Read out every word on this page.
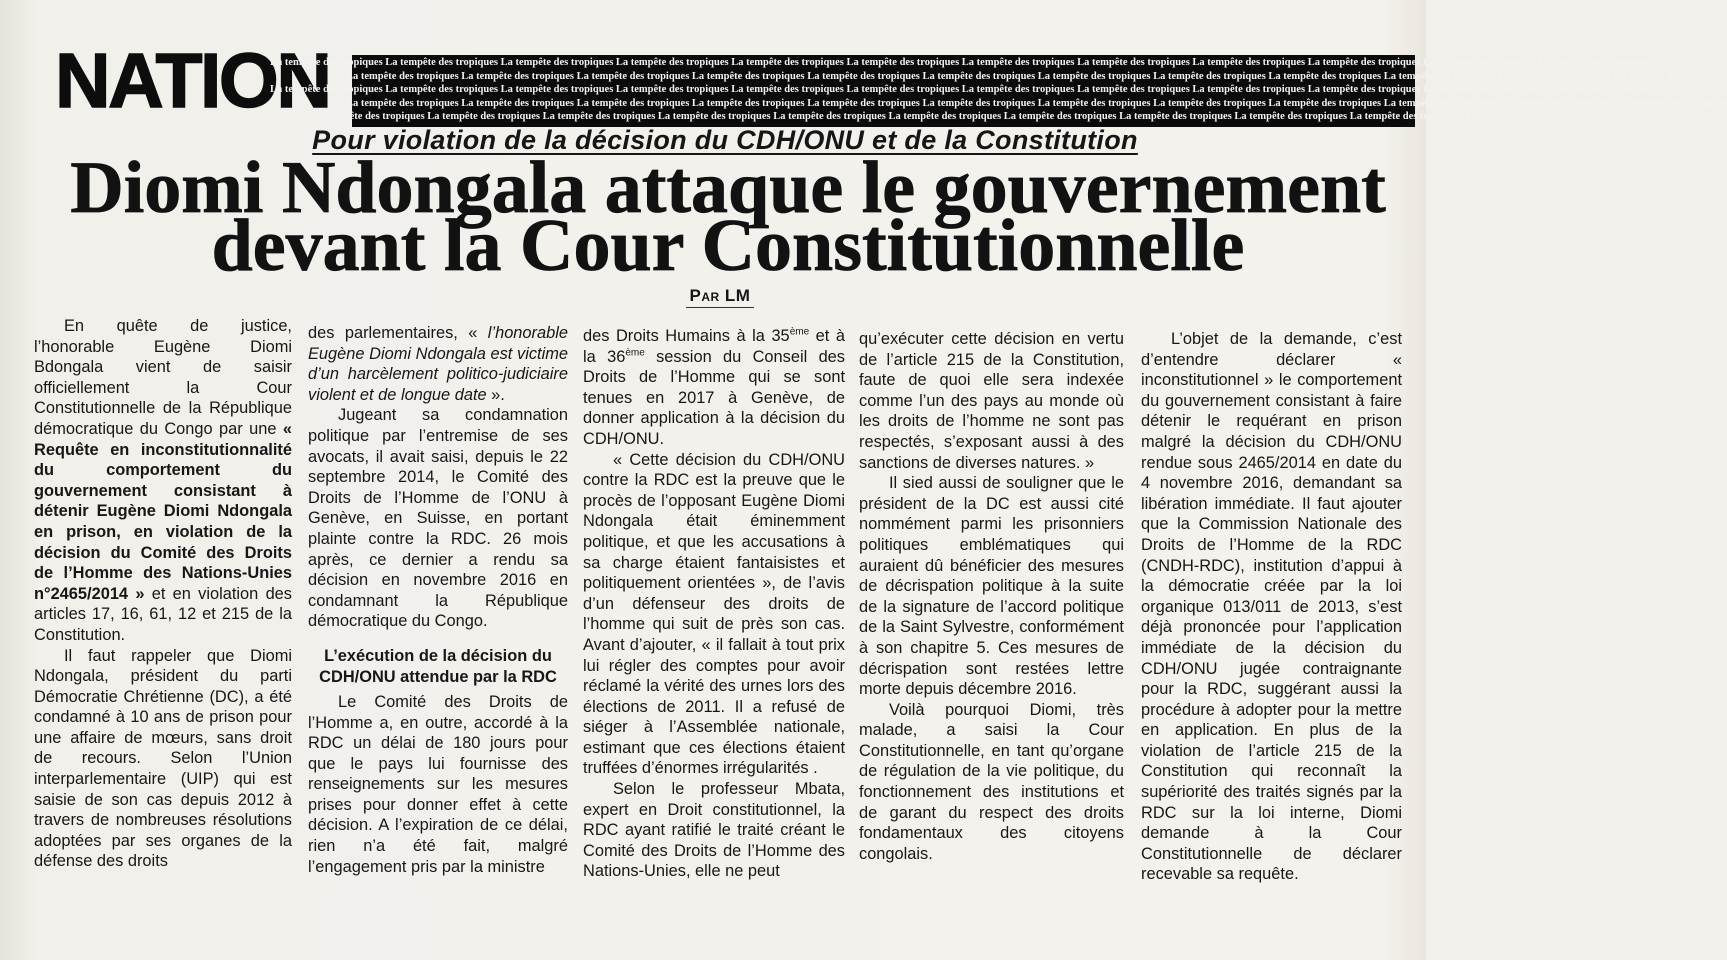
NATION
La tempête des tropiques La tempête des tropiques La tempête des tropiques La tempête des tropiques La tempête des tropiques La tempête des tropiques La tempête des tropiques La tempête des tropiques La tempête des tropiques La tempête des tropiques La tempête des tropiques La tempête des tropiques
La tempête des tropiques La tempête des tropiques La tempête des tropiques La tempête des tropiques La tempête des tropiques La tempête des tropiques La tempête des tropiques La tempête des tropiques La tempête des tropiques La tempête des tropiques La tempête des tropiques La tempête des tropiques
La tempête des tropiques La tempête des tropiques La tempête des tropiques La tempête des tropiques La tempête des tropiques La tempête des tropiques La tempête des tropiques La tempête des tropiques La tempête des tropiques La tempête des tropiques La tempête des tropiques La tempête des tropiques
La tempête des tropiques La tempête des tropiques La tempête des tropiques La tempête des tropiques La tempête des tropiques La tempête des tropiques La tempête des tropiques La tempête des tropiques La tempête des tropiques La tempête des tropiques La tempête des tropiques La tempête des tropiques
La tempête des tropiques La tempête des tropiques La tempête des tropiques La tempête des tropiques La tempête des tropiques La tempête des tropiques La tempête des tropiques La tempête des tropiques La tempête des tropiques La tempête des tropiques La tempête des tropiques La tempête des tropiques
Pour violation de la décision du CDH/ONU et de la Constitution
Diomi Ndongala attaque le gouvernement
devant la Cour Constitutionnelle
Par LM

En quête de justice, l’honorable Eugène Diomi Bdongala vient de saisir officiellement la Cour Constitutionnelle de la République démocratique du Congo par une « Requête en inconstitutionnalité du comportement du gouvernement consistant à détenir Eugène Diomi Ndongala en prison, en violation de la décision du Comité des Droits de l’Homme des Nations-Unies n°2465/2014 » et en violation des articles 17, 16, 61, 12 et 215 de la Constitution.

Il faut rappeler que Diomi Ndongala, président du parti Démocratie Chrétienne (DC), a été condamné à 10 ans de prison pour une affaire de mœurs, sans droit de recours. Selon l’Union interparlementaire (UIP) qui est saisie de son cas depuis 2012 à travers de nombreuses résolutions adoptées par ses organes de la défense des droits

des parlementaires, « l’honorable Eugène Diomi Ndongala est victime d’un harcèlement politico-judiciaire violent et de longue date ».

Jugeant sa condamnation politique par l’entremise de ses avocats, il avait saisi, depuis le 22 septembre 2014, le Comité des Droits de l’Homme de l’ONU à Genève, en Suisse, en portant plainte contre la RDC. 26 mois après, ce dernier a rendu sa décision en novembre 2016 en condamnant la République démocratique du Congo.

L’exécution de la décision du CDH/ONU attendue par la RDC

Le Comité des Droits de l’Homme a, en outre, accordé à la RDC un délai de 180 jours pour que le pays lui fournisse des renseignements sur les mesures prises pour donner effet à cette décision. A l’expiration de ce délai, rien n’a été fait, malgré l’engagement pris par la ministre

des Droits Humains à la 35ème et à la 36ème session du Conseil des Droits de l’Homme qui se sont tenues en 2017 à Genève, de donner application à la décision du CDH/ONU.

« Cette décision du CDH/ONU contre la RDC est la preuve que le procès de l’opposant Eugène Diomi Ndongala était éminemment politique, et que les accusations à sa charge étaient fantaisistes et politiquement orientées », de l’avis d’un défenseur des droits de l’homme qui suit de près son cas. Avant d’ajouter, « il fallait à tout prix lui régler des comptes pour avoir réclamé la vérité des urnes lors des élections de 2011. Il a refusé de siéger à l’Assemblée nationale, estimant que ces élections étaient truffées d’énormes irrégularités .

Selon le professeur Mbata, expert en Droit constitutionnel, la RDC ayant ratifié le traité créant le Comité des Droits de l’Homme des Nations-Unies, elle ne peut

qu’exécuter cette décision en vertu de l’article 215 de la Constitution, faute de quoi elle sera indexée comme l’un des pays au monde où les droits de l’homme ne sont pas respectés, s’exposant aussi à des sanctions de diverses natures. »

Il sied aussi de souligner que le président de la DC est aussi cité nommément parmi les prisonniers politiques emblématiques qui auraient dû bénéficier des mesures de décrispation politique à la suite de la signature de l’accord politique de la Saint Sylvestre, conformément à son chapitre 5. Ces mesures de décrispation sont restées lettre morte depuis décembre 2016.

Voilà pourquoi Diomi, très malade, a saisi la Cour Constitutionnelle, en tant qu’organe de régulation de la vie politique, du fonctionnement des institutions et de garant du respect des droits fondamentaux des citoyens congolais.

L’objet de la demande, c’est d’entendre déclarer « inconstitutionnel » le comportement du gouvernement consistant à faire détenir le requérant en prison malgré la décision du CDH/ONU rendue sous 2465/2014 en date du 4 novembre 2016, demandant sa libération immédiate. Il faut ajouter que la Commission Nationale des Droits de l’Homme de la RDC (CNDH-RDC), institution d’appui à la démocratie créée par la loi organique 013/011 de 2013, s’est déjà prononcée pour l’application immédiate de la décision du CDH/ONU jugée contraignante pour la RDC, suggérant aussi la procédure à adopter pour la mettre en application. En plus de la violation de l’article 215 de la Constitution qui reconnaît la supériorité des traités signés par la RDC sur la loi interne, Diomi demande à la Cour Constitutionnelle de déclarer recevable sa requête.
